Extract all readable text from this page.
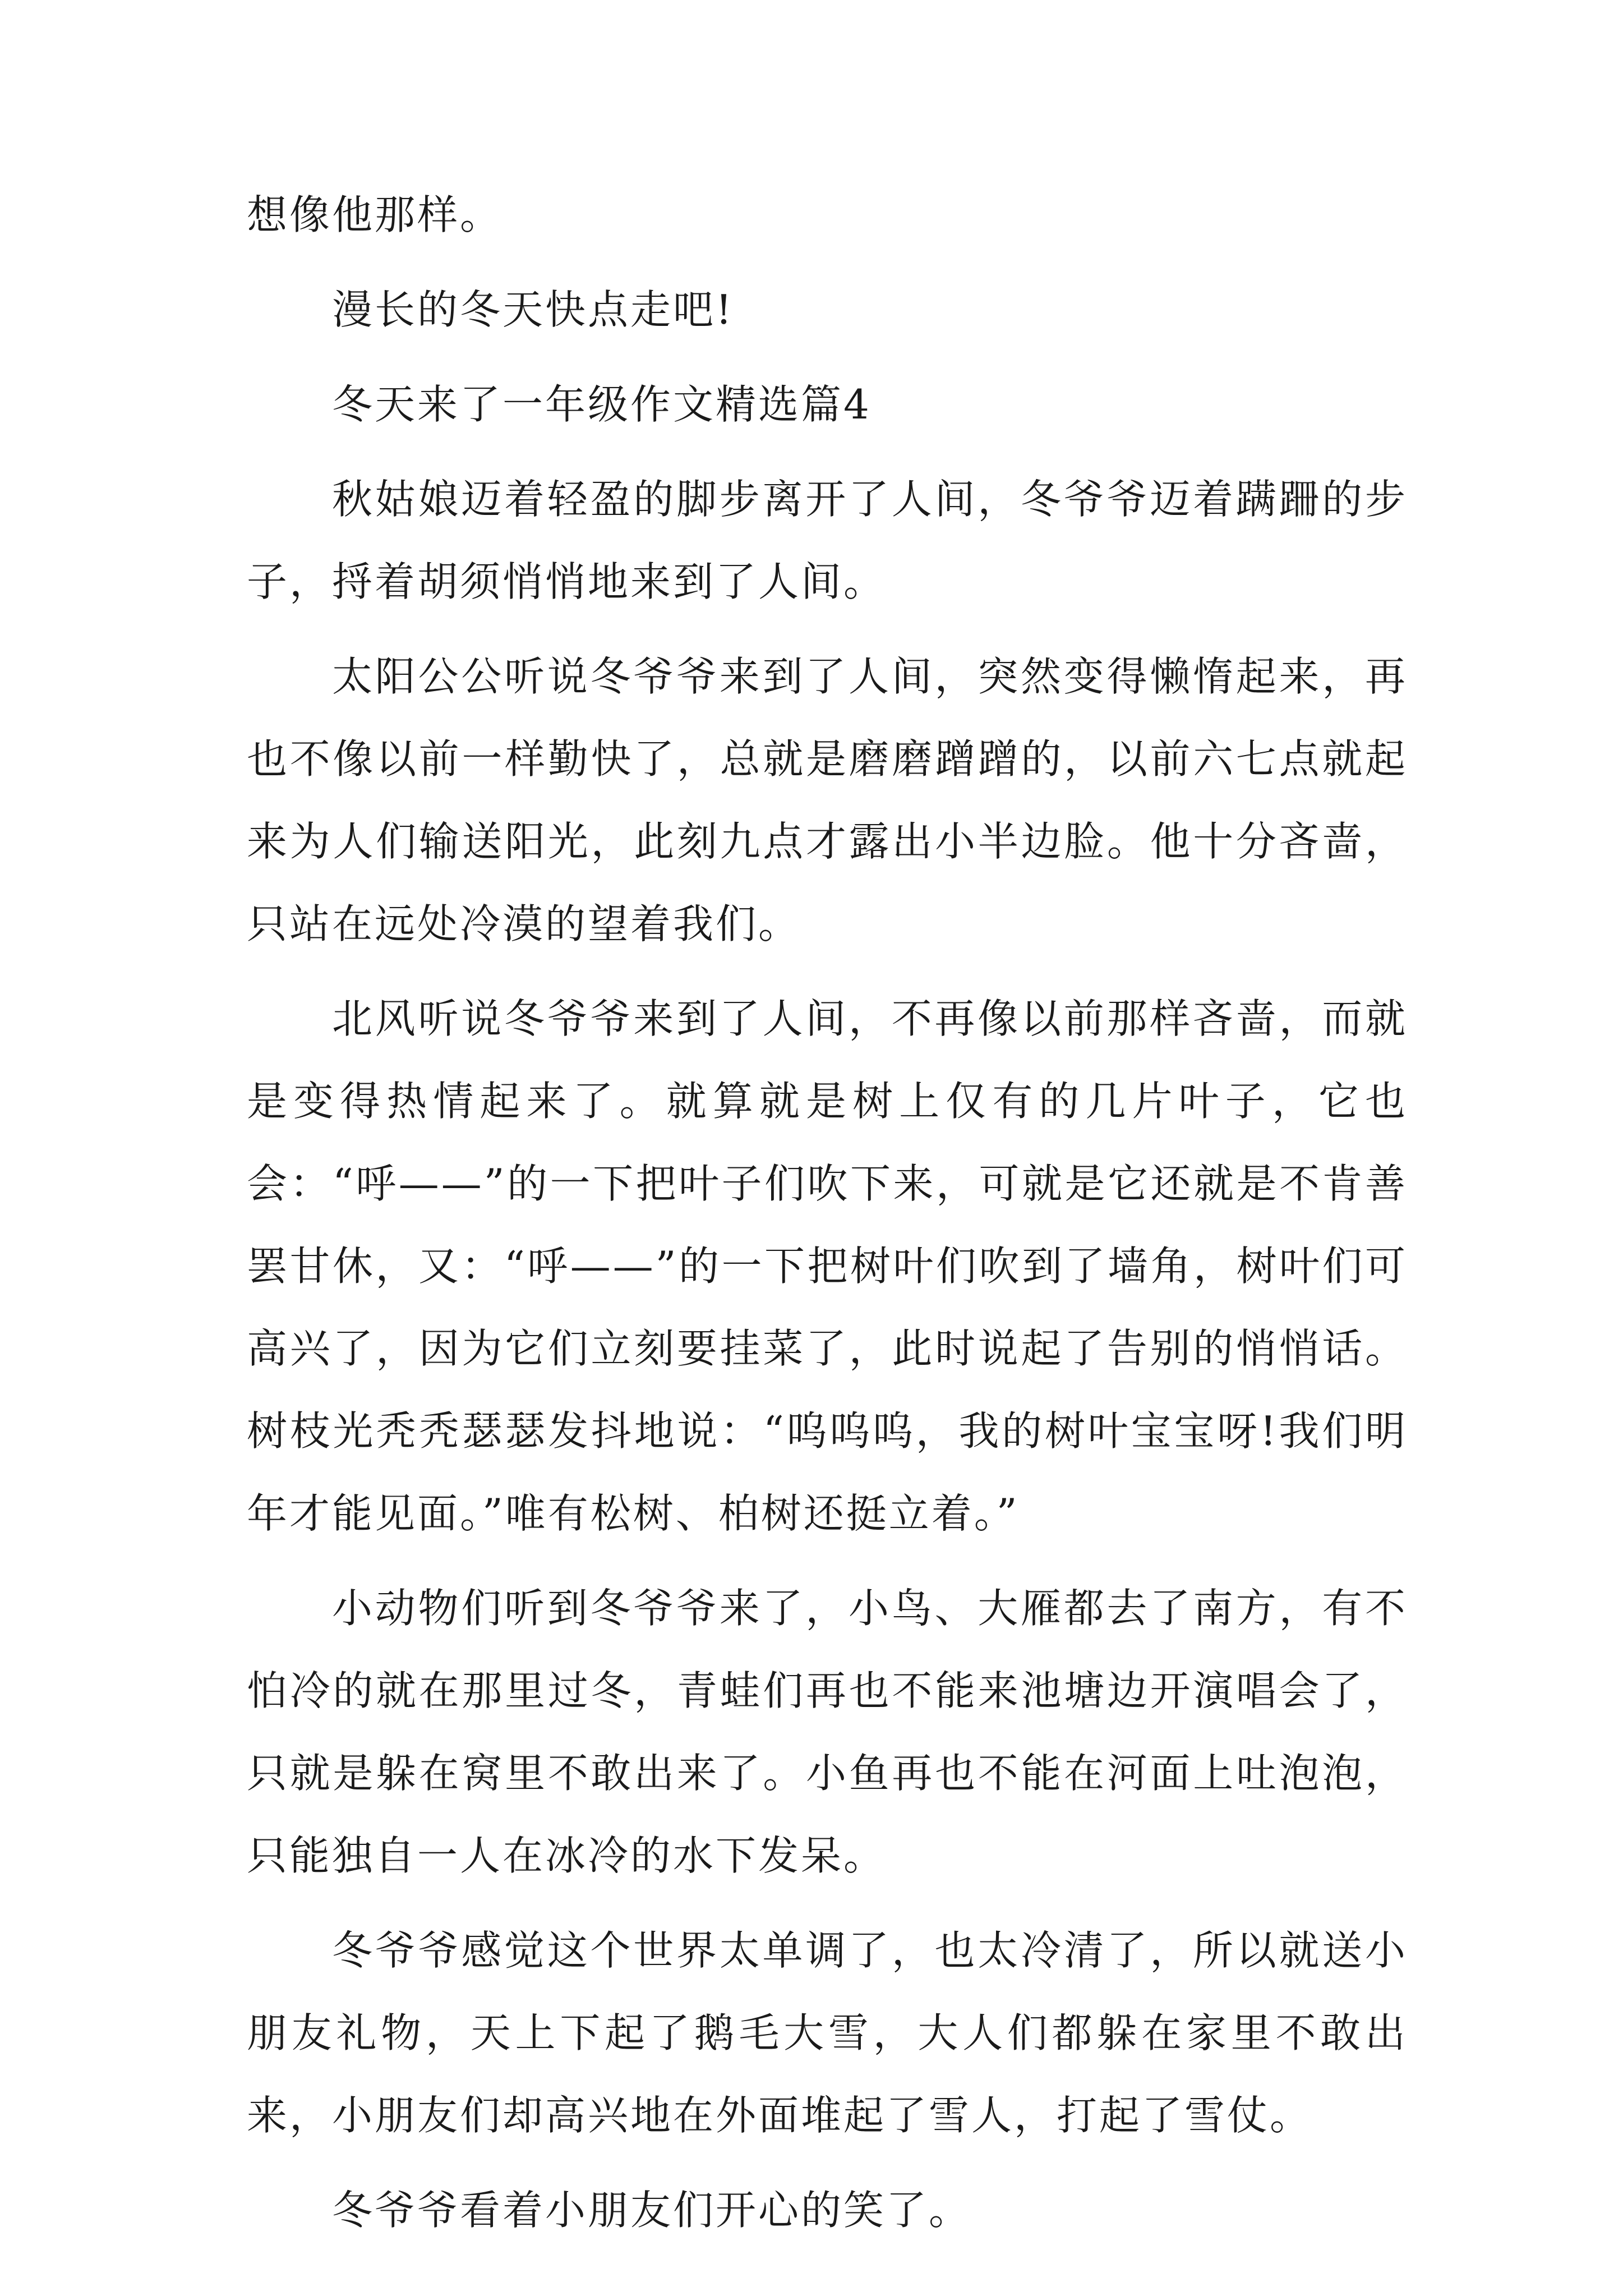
想像他那样。

漫长的冬天快点走吧!

冬天来了一年级作文精选篇4

秋姑娘迈着轻盈的脚步离开了人间，冬爷爷迈着蹒跚的步子，捋着胡须悄悄地来到了人间。

太阳公公听说冬爷爷来到了人间，突然变得懒惰起来，再也不像以前一样勤快了，总就是磨磨蹭蹭的，以前六七点就起来为人们输送阳光，此刻九点才露出小半边脸。他十分吝啬，只站在远处冷漠的望着我们。

北风听说冬爷爷来到了人间，不再像以前那样吝啬，而就是变得热情起来了。就算就是树上仅有的几片叶子，它也会：“呼——”的一下把叶子们吹下来，可就是它还就是不肯善罢甘休，又：“呼——”的一下把树叶们吹到了墙角，树叶们可高兴了，因为它们立刻要挂菜了，此时说起了告别的悄悄话。树枝光秃秃瑟瑟发抖地说：“呜呜呜，我的树叶宝宝呀!我们明年才能见面。”唯有松树、柏树还挺立着。”

小动物们听到冬爷爷来了，小鸟、大雁都去了南方，有不怕冷的就在那里过冬，青蛙们再也不能来池塘边开演唱会了，只就是躲在窝里不敢出来了。小鱼再也不能在河面上吐泡泡，只能独自一人在冰冷的水下发呆。

冬爷爷感觉这个世界太单调了，也太冷清了，所以就送小朋友礼物，天上下起了鹅毛大雪，大人们都躲在家里不敢出来，小朋友们却高兴地在外面堆起了雪人，打起了雪仗。

冬爷爷看着小朋友们开心的笑了。
